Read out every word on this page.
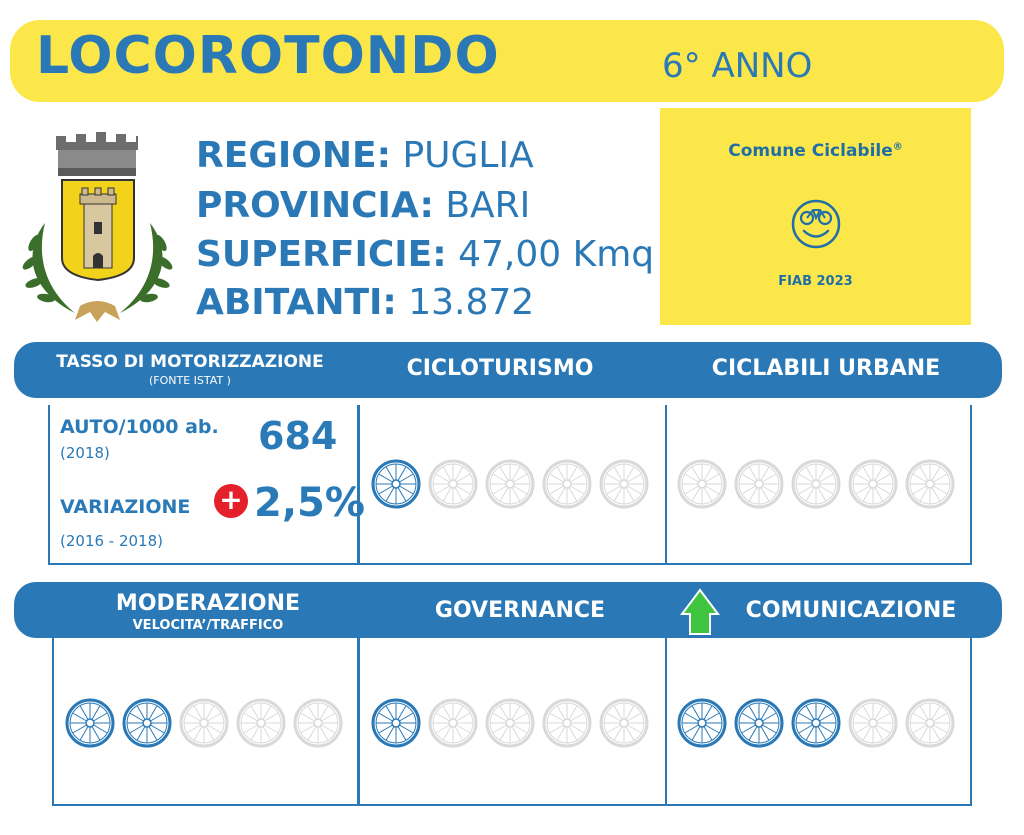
LOCOROTONDO	6° ANNO
REGIONE: PUGLIA
PROVINCIA: BARI
SUPERFICIE: 47,00 Kmq
ABITANTI: 13.872
Comune Ciclabile®
FIAB 2023
TASSO DI MOTORIZZAZIONE
(FONTE ISTAT )	CICLOTURISMO	CICLABILI URBANE
AUTO/1000 ab.
(2018)	684
VARIAZIONE + 2,5%
(2016 - 2018)
MODERAZIONE
VELOCITA’/TRAFFICO
GOVERNANCE	COMUNICAZIONE
